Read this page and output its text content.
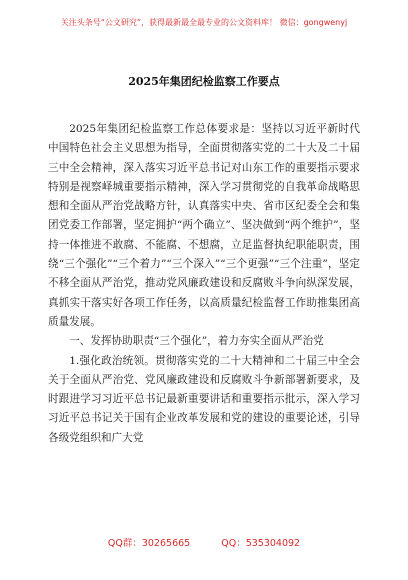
关注头条号“公文研究”，获得最新最全最专业的公文资料库！ 微信：gongwenyj
2025年集团纪检监察工作要点

2025年集团纪检监察工作总体要求是：坚持以习近平新时代中国特色社会主义思想为指导，全面贯彻落实党的二十大及二十届三中全会精神，深入落实习近平总书记对山东工作的重要指示要求特别是视察峄城重要指示精神，深入学习贯彻党的自我革命战略思想和全面从严治党战略方针，认真落实中央、省市区纪委全会和集团党委工作部署，坚定拥护“两个确立”、坚决做到“两个维护”，坚持一体推进不敢腐、不能腐、不想腐，立足监督执纪职能职责，围绕“三个强化”“三个着力”“三个深入”“三个更强”“三个注重”，坚定不移全面从严治党，推动党风廉政建设和反腐败斗争向纵深发展，真抓实干落实好各项工作任务，以高质量纪检监督工作助推集团高质量发展。

一、发挥协助职责“三个强化”，着力夯实全面从严治党

1.强化政治统领。贯彻落实党的二十大精神和二十届三中全会关于全面从严治党、党风廉政建设和反腐败斗争新部署新要求，及时跟进学习习近平总书记最新重要讲话和重要指示批示，深入学习习近平总书记关于国有企业改革发展和党的建设的重要论述，引导各级党组织和广大党

QQ群：30265665	QQ：535304092
